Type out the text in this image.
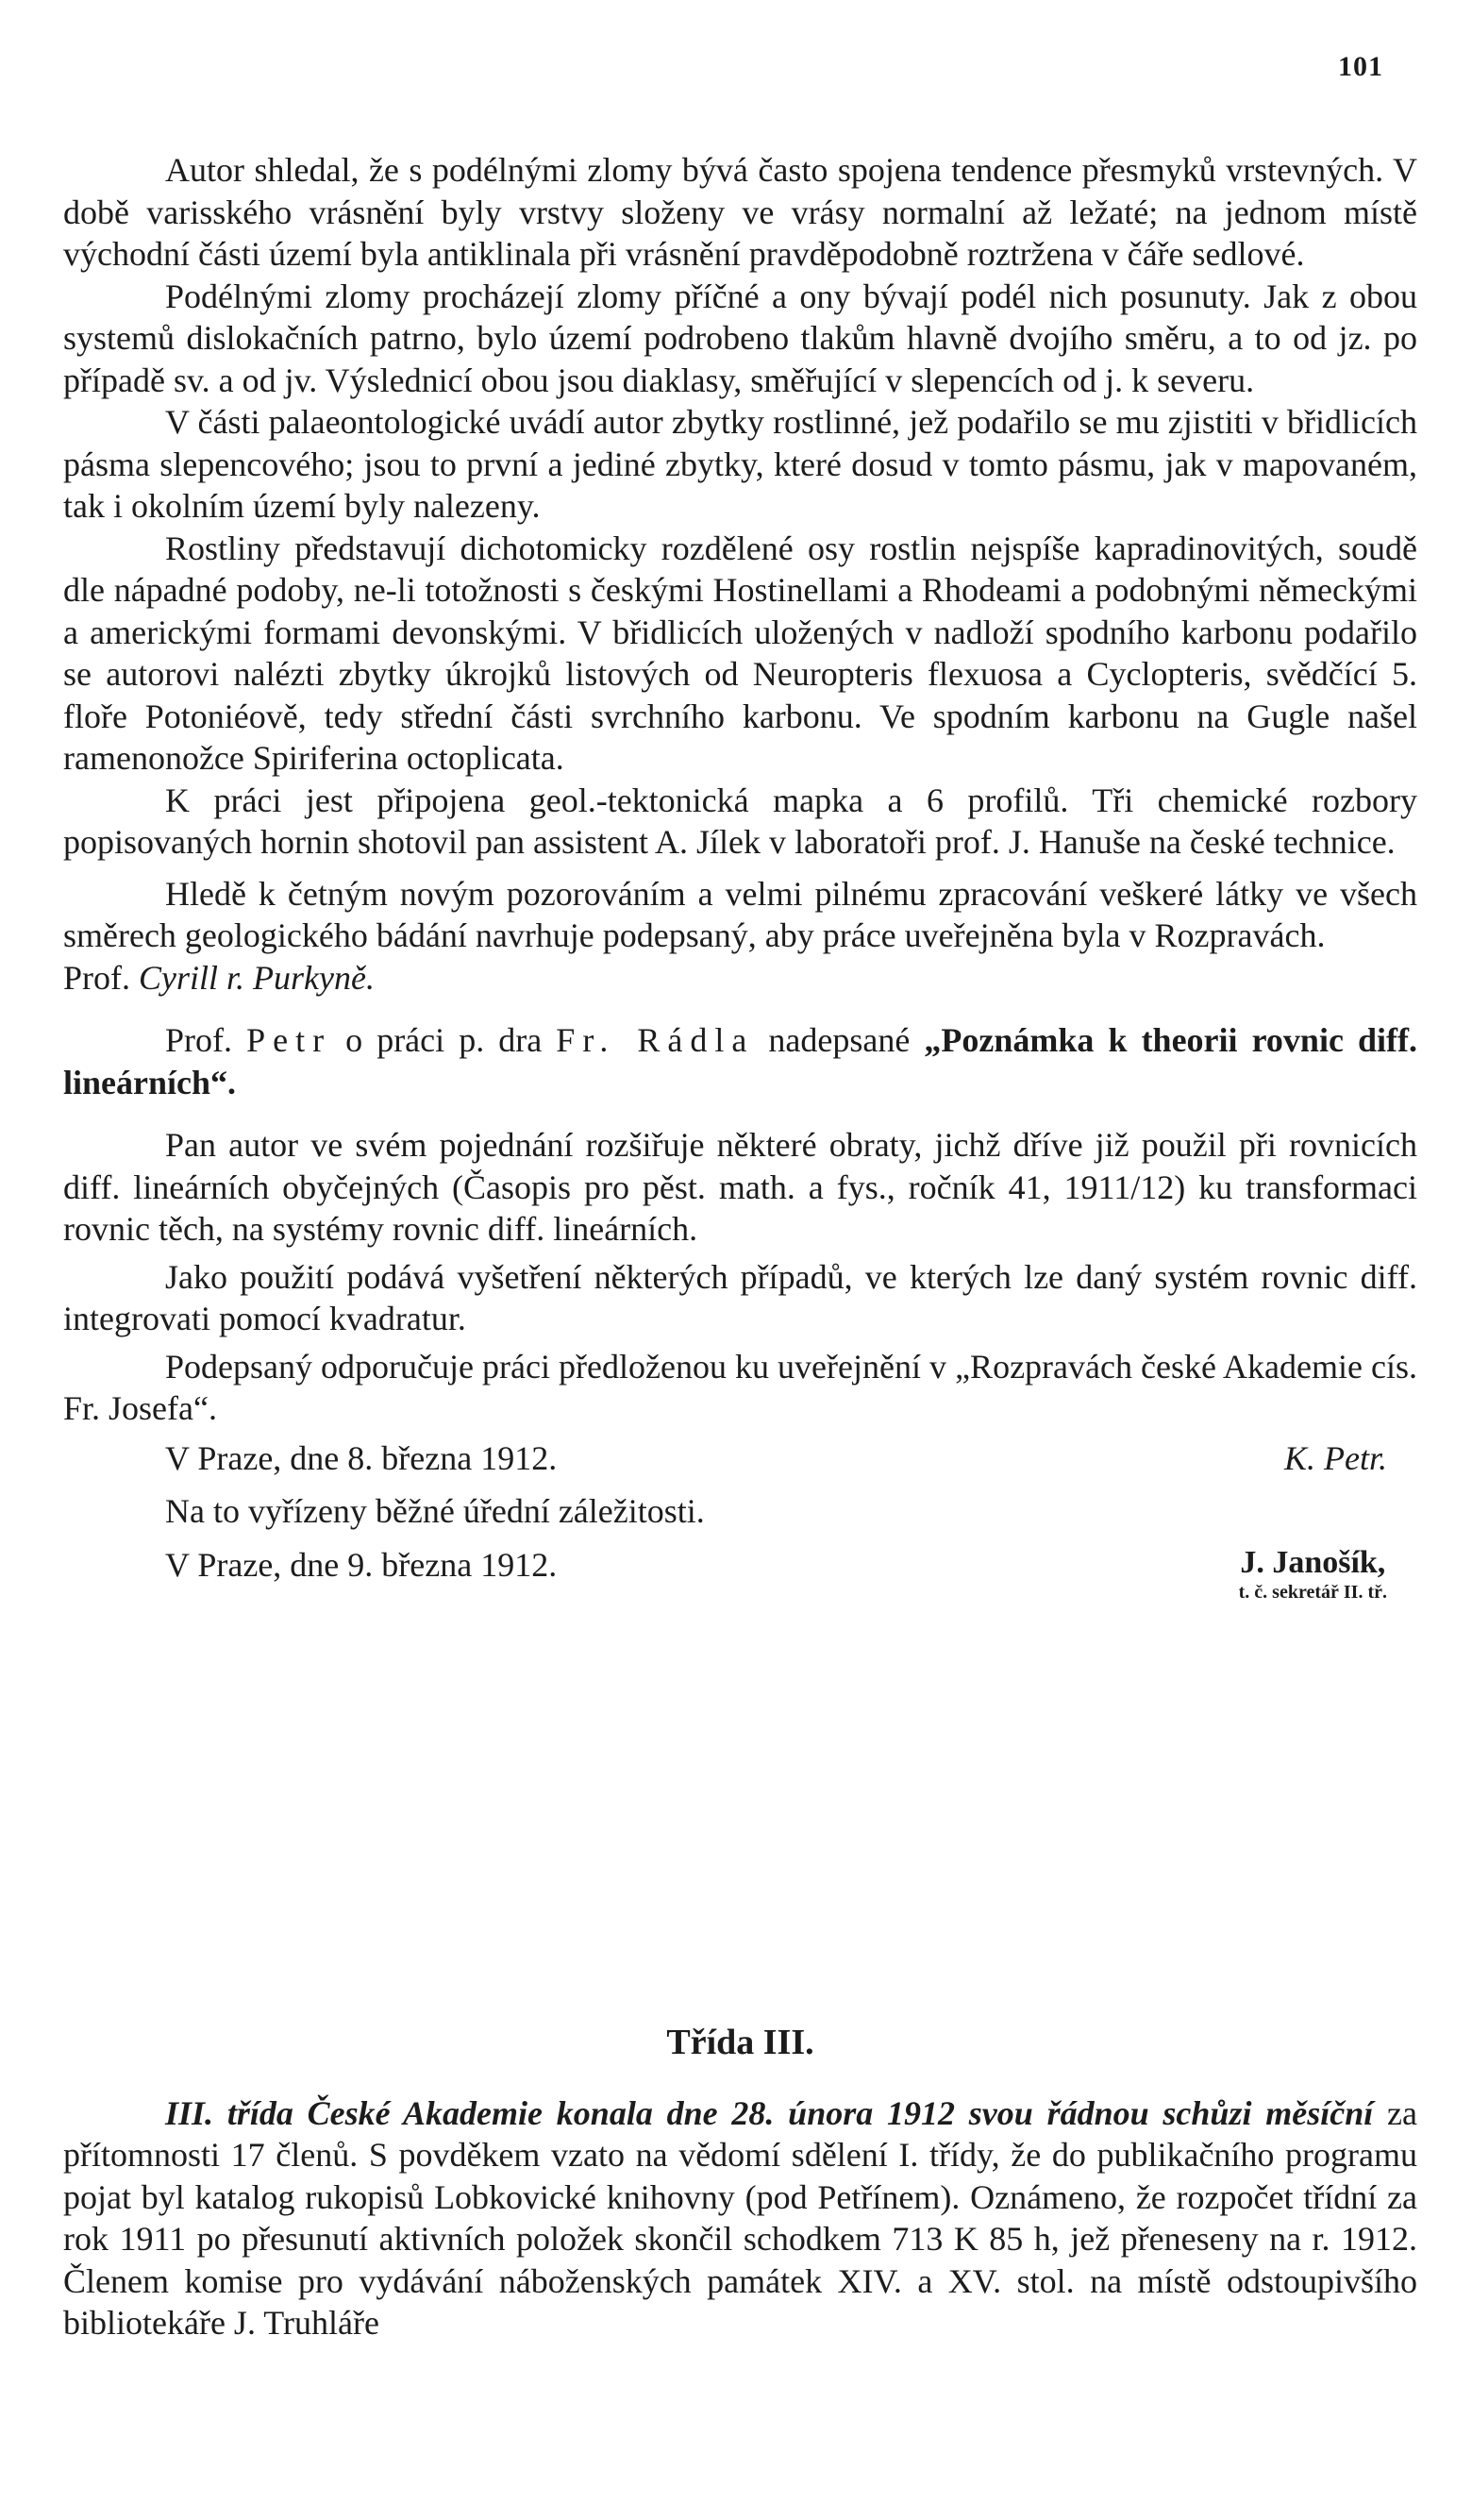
101

Autor shledal, že s podélnými zlomy bývá často spojena tendence přesmyků vrstevných. V době varisského vrásnění byly vrstvy složeny ve vrásy normalní až ležaté; na jednom místě východní části území byla antiklinala při vrásnění pravděpodobně roztržena v čáře sedlové.

Podélnými zlomy procházejí zlomy příčné a ony bývají podél nich posunuty. Jak z obou systemů dislokačních patrno, bylo území podrobeno tlakům hlavně dvojího směru, a to od jz. po případě sv. a od jv. Výslednicí obou jsou diaklasy, směřující v slepencích od j. k severu.

V části palaeontologické uvádí autor zbytky rostlinné, jež podařilo se mu zjistiti v břidlicích pásma slepencového; jsou to první a jediné zbytky, které dosud v tomto pásmu, jak v mapovaném, tak i okolním území byly nalezeny.

Rostliny představují dichotomicky rozdělené osy rostlin nejspíše kapradinovitých, soudě dle nápadné podoby, ne-li totožnosti s českými Hostinellami a Rhodeami a podobnými německými a americkými formami devonskými. V břidlicích uložených v nadloží spodního karbonu podařilo se autorovi nalézti zbytky úkrojků listových od Neuropteris flexuosa a Cyclopteris, svědčící 5. floře Potoniéově, tedy střední části svrchního karbonu. Ve spodním karbonu na Gugle našel ramenonožce Spiriferina octoplicata.

K práci jest připojena geol.-tektonická mapka a 6 profilů. Tři chemické rozbory popisovaných hornin shotovil pan assistent A. Jílek v laboratoři prof. J. Hanuše na české technice.

Hledě k četným novým pozorováním a velmi pilnému zpracování veškeré látky ve všech směrech geologického bádání navrhuje podepsaný, aby práce uveřejněna byla v Rozpravách.

Prof. Cyrill r. Purkyně.

Prof. Petr o práci p. dra Fr. Rádla nadepsané „Poznámka k theorii rovnic diff. lineárních“.

Pan autor ve svém pojednání rozšiřuje některé obraty, jichž dříve již použil při rovnicích diff. lineárních obyčejných (Časopis pro pěst. math. a fys., ročník 41, 1911/12) ku transformaci rovnic těch, na systémy rovnic diff. lineárních.

Jako použití podává vyšetření některých případů, ve kterých lze daný systém rovnic diff. integrovati pomocí kvadratur.

Podepsaný odporučuje práci předloženou ku uveřejnění v „Rozpravách české Akademie cís. Fr. Josefa“.

V Praze, dne 8. března 1912.	K. Petr.

Na to vyřízeny běžné úřední záležitosti.

V Praze, dne 9. března 1912.	J. Janošík,
t. č. sekretář II. tř.

Třída III.

III. třída České Akademie konala dne 28. února 1912 svou řádnou schůzi měsíční za přítomnosti 17 členů. S povděkem vzato na vědomí sdělení I. třídy, že do publikačního programu pojat byl katalog rukopisů Lobkovické knihovny (pod Petřínem). Oznámeno, že rozpočet třídní za rok 1911 po přesunutí aktivních položek skončil schodkem 713 K 85 h, jež přeneseny na r. 1912. Členem komise pro vydávání náboženských památek XIV. a XV. stol. na místě odstoupivšího bibliotekáře J. Truhláře
